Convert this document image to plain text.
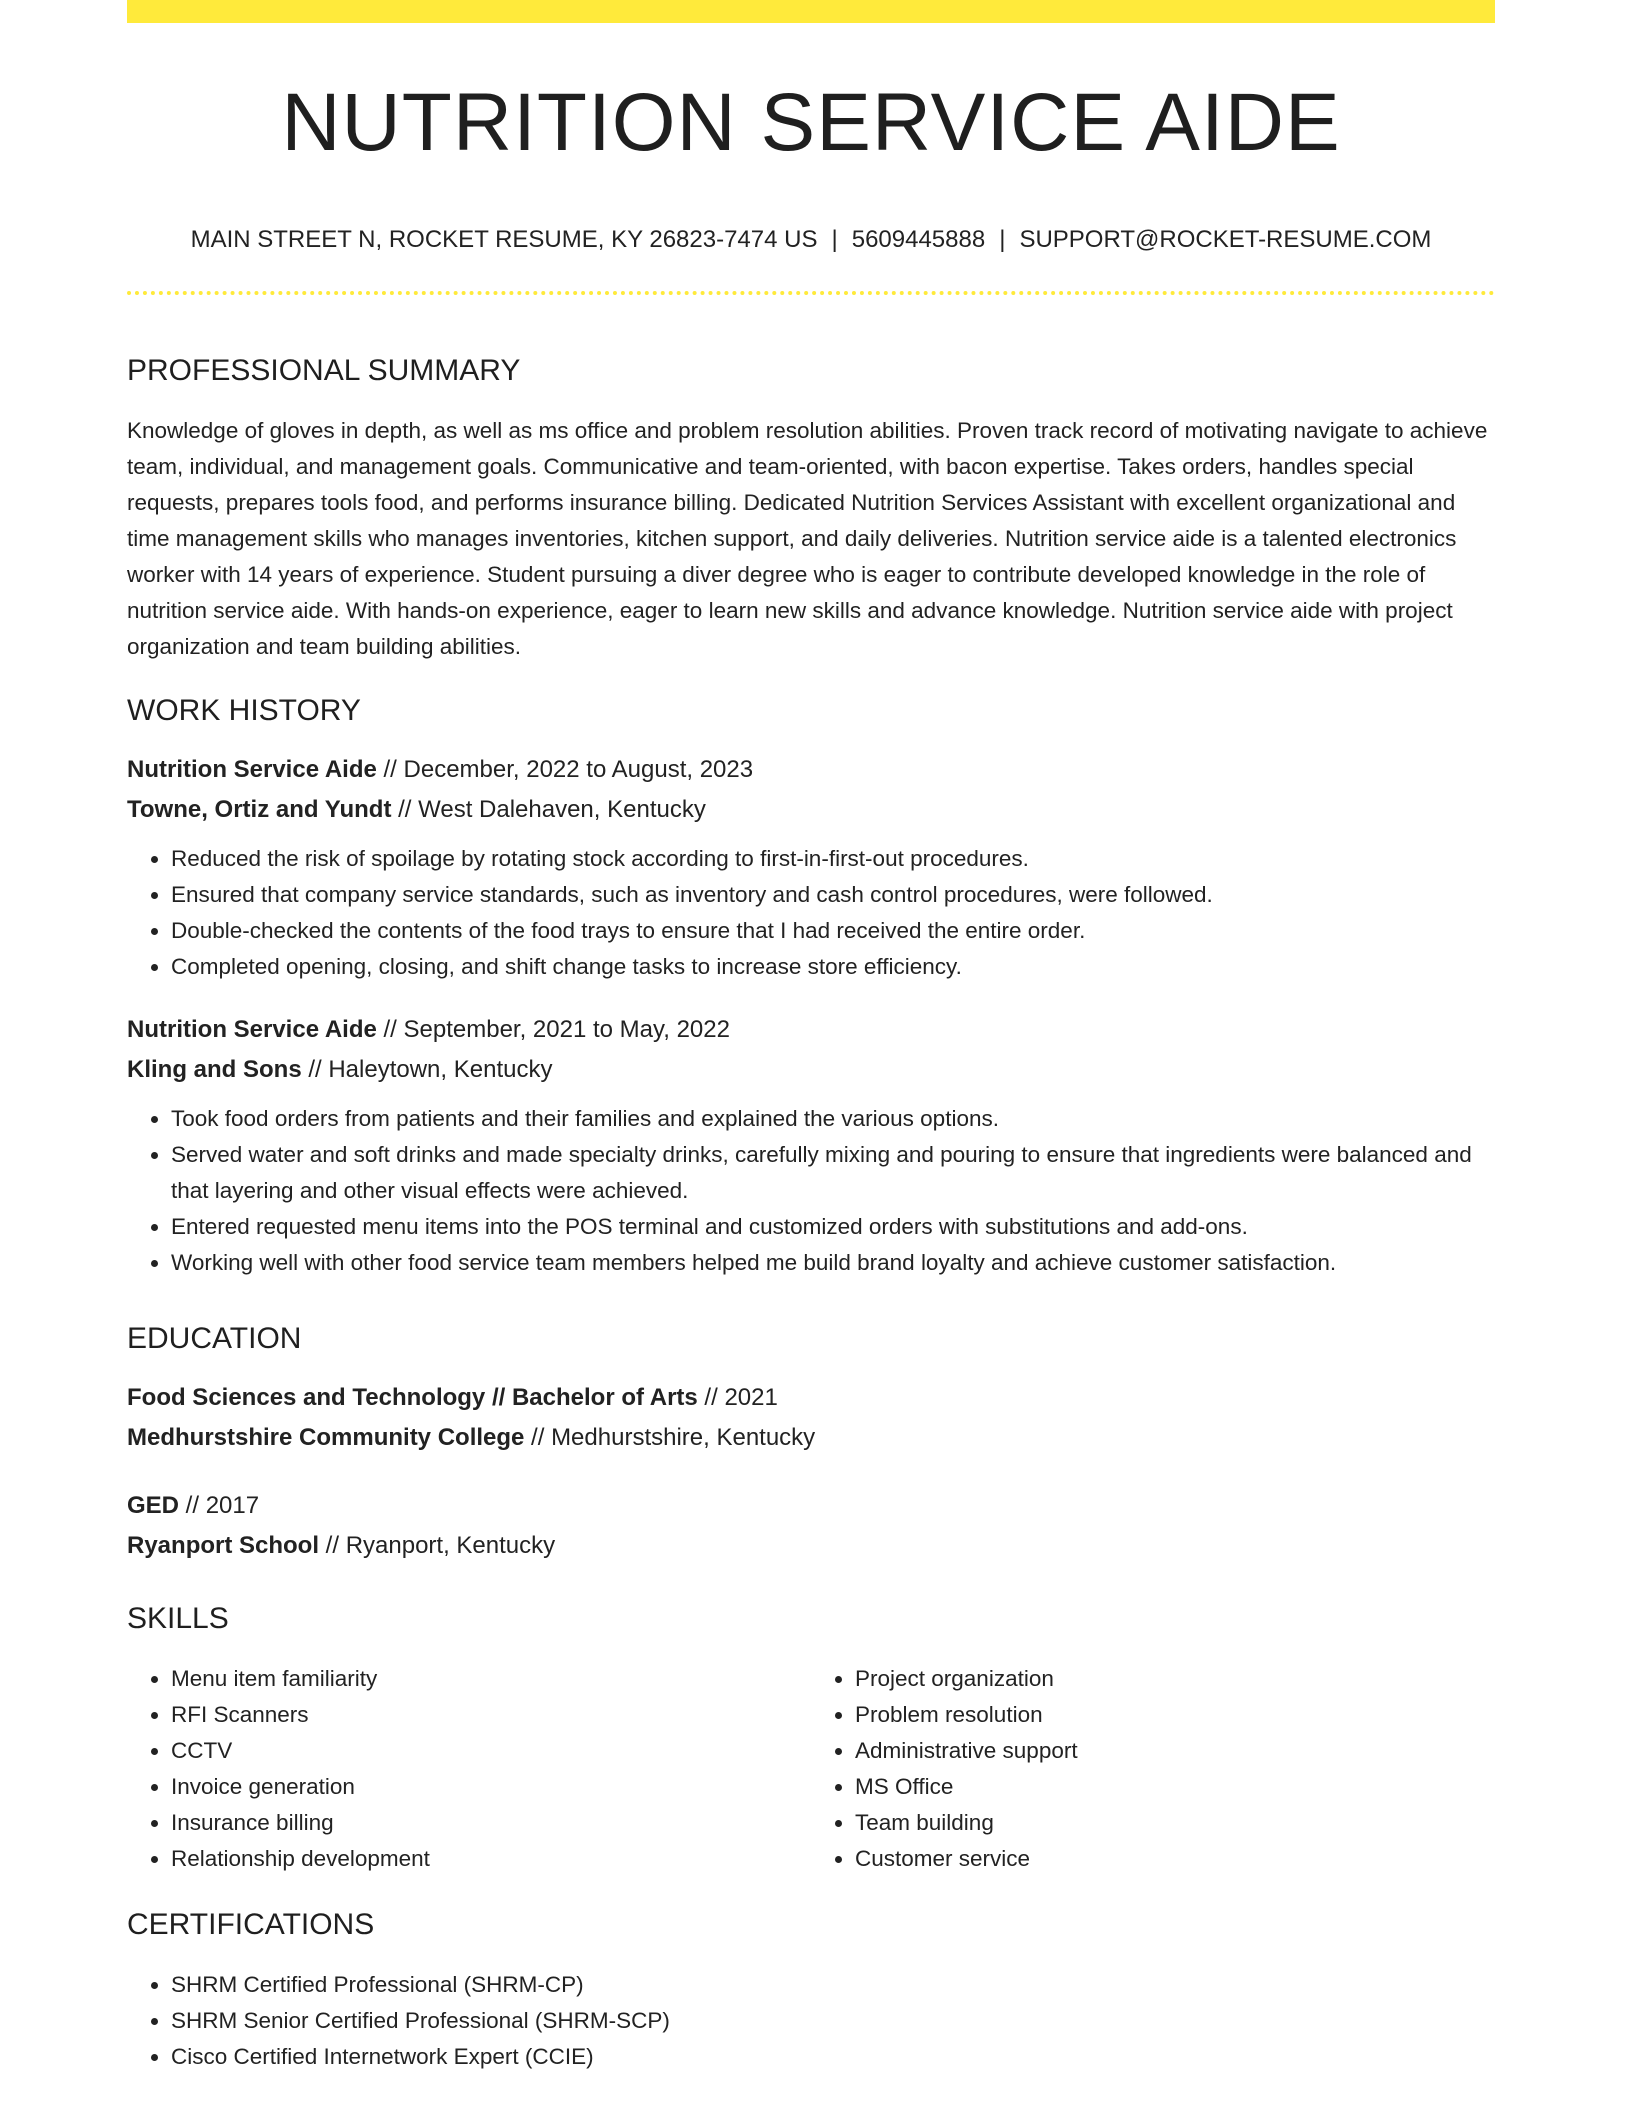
NUTRITION SERVICE AIDE
MAIN STREET N, ROCKET RESUME, KY 26823-7474 US | 5609445888 | SUPPORT@ROCKET-RESUME.COM
PROFESSIONAL SUMMARY

Knowledge of gloves in depth, as well as ms office and problem resolution abilities. Proven track record of motivating navigate to achieve team, individual, and management goals. Communicative and team-oriented, with bacon expertise. Takes orders, handles special requests, prepares tools food, and performs insurance billing. Dedicated Nutrition Services Assistant with excellent organizational and time management skills who manages inventories, kitchen support, and daily deliveries. Nutrition service aide is a talented electronics worker with 14 years of experience. Student pursuing a diver degree who is eager to contribute developed knowledge in the role of nutrition service aide. With hands-on experience, eager to learn new skills and advance knowledge. Nutrition service aide with project organization and team building abilities.

WORK HISTORY
Nutrition Service Aide // December, 2022 to August, 2023
Towne, Ortiz and Yundt // West Dalehaven, Kentucky
• Reduced the risk of spoilage by rotating stock according to first-in-first-out procedures.
• Ensured that company service standards, such as inventory and cash control procedures, were followed.
• Double-checked the contents of the food trays to ensure that I had received the entire order.
• Completed opening, closing, and shift change tasks to increase store efficiency.
Nutrition Service Aide // September, 2021 to May, 2022
Kling and Sons // Haleytown, Kentucky
• Took food orders from patients and their families and explained the various options.
• Served water and soft drinks and made specialty drinks, carefully mixing and pouring to ensure that ingredients were balanced and that layering and other visual effects were achieved.
• Entered requested menu items into the POS terminal and customized orders with substitutions and add-ons.
• Working well with other food service team members helped me build brand loyalty and achieve customer satisfaction.
EDUCATION
Food Sciences and Technology // Bachelor of Arts // 2021
Medhurstshire Community College // Medhurstshire, Kentucky
GED // 2017
Ryanport School // Ryanport, Kentucky
SKILLS
• Menu item familiarity
• RFI Scanners
• CCTV
• Invoice generation
• Insurance billing
• Relationship development
• Project organization
• Problem resolution
• Administrative support
• MS Office
• Team building
• Customer service
CERTIFICATIONS
• SHRM Certified Professional (SHRM-CP)
• SHRM Senior Certified Professional (SHRM-SCP)
• Cisco Certified Internetwork Expert (CCIE)
